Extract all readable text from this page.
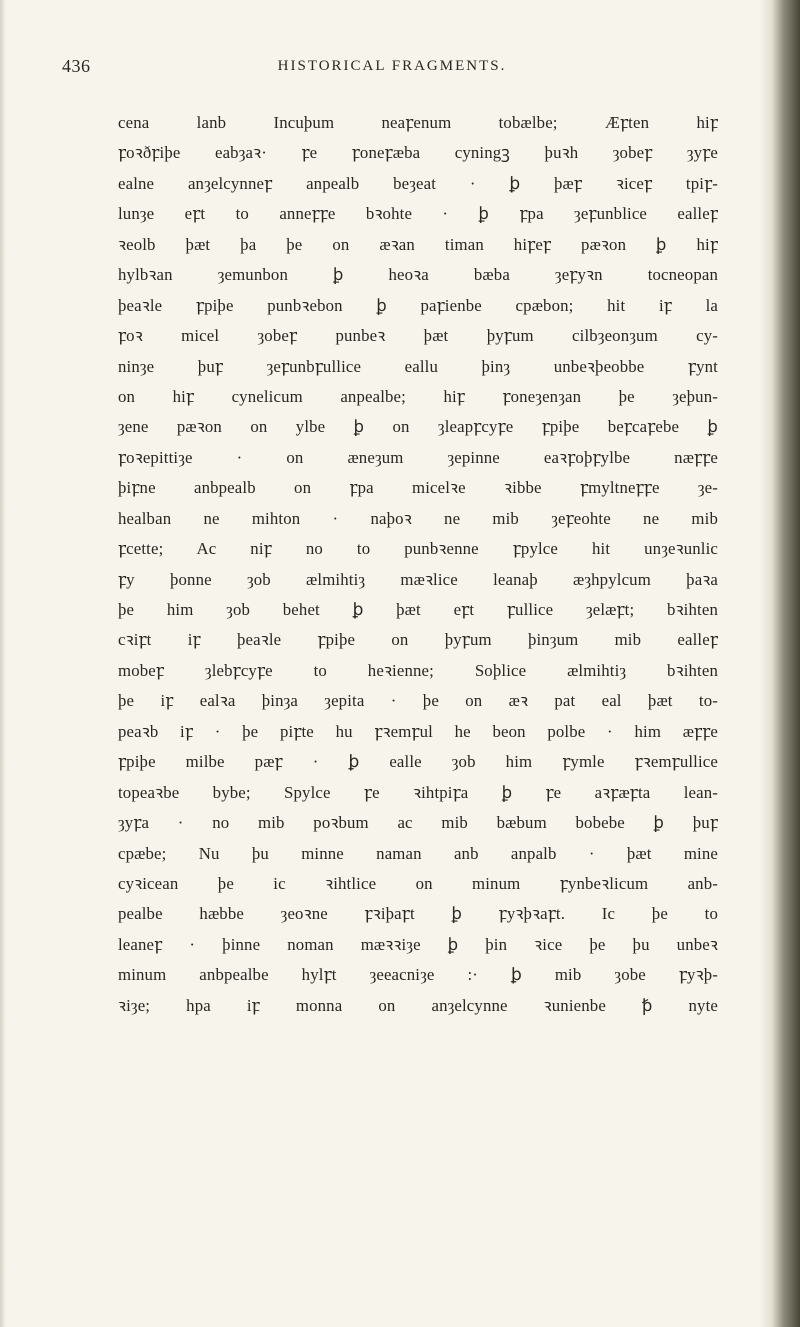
436	HISTORICAL FRAGMENTS.
cena lanb Incuþum neaꝼenum tobælbe; Æꝼten hiꝼ
ꝼoꝛðꝼiþe eabȝaꝛ· ꝼe ꝼoneꝼæba cyningꝫ þuꝛh ȝobeꝼ ȝyꝼe
ealne anȝelcynneꝼ anpealb beȝeat · ꝧ þæꝼ ꝛiceꝼ tpiꝼ-
lunȝe eꝼt to anneꝼꝼe bꝛohte · ꝧ ꝼpa ȝeꝼunblice ealleꝼ
ꝛeolb þæt þa þe on æꝛan timan hiꝼeꝼ pæꝛon ꝧ hiꝼ
hylbꝛan ȝemunbon ꝧ heoꝛa bæba ȝeꝼyꝛn tocneopan
þeaꝛle ꝼpiþe punbꝛebon ꝧ paꝼienbe cpæbon; hit iꝼ la
ꝼoꝛ micel ȝobeꝼ punbeꝛ þæt þyꝼum cilbȝeonȝum cy-
ninȝe þuꝼ ȝeꝼunbꝼullice eallu þinȝ unbeꝛþeobbe ꝼynt
on hiꝼ cynelicum anpealbe; hiꝼ ꝼoneȝenȝan þe ȝeþun-
ȝene pæꝛon on ylbe ꝧ on ȝleapꝼcyꝼe ꝼpiþe beꝼcaꝼebe ꝧ
ꝼoꝛepittiȝe · on æneȝum ȝepinne eaꝛꝼoþꝼylbe næꝼꝼe
þiꝼne anbpealb on ꝼpa micelꝛe ꝛibbe ꝼmyltneꝼꝼe ȝe-
healban ne mihton · naþoꝛ ne mib ȝeꝼeohte ne mib
ꝼcette; Ac niꝼ no to punbꝛenne ꝼpylce hit unȝeꝛunlic
ꝼy þonne ȝob ælmihtiȝ mæꝛlice leanaþ æȝhpylcum þaꝛa
þe him ȝob behet ꝧ þæt eꝼt ꝼullice ȝelæꝼt; bꝛihten
cꝛiꝼt iꝼ þeaꝛle ꝼpiþe on þyꝼum þinȝum mib ealleꝼ
mobeꝼ ȝlebꝼcyꝼe to heꝛienne; Soþlice ælmihtiȝ bꝛihten
þe iꝼ ealꝛa þinȝa ȝepita · þe on æꝛ pat eal þæt to-
peaꝛb iꝼ · þe piꝼte hu ꝼꝛemꝼul he beon polbe · him æꝼꝼe
ꝼpiþe milbe pæꝼ · ꝧ ealle ȝob him ꝼymle ꝼꝛemꝼullice
topeaꝛbe bybe; Spylce ꝼe ꝛihtpiꝼa ꝧ ꝼe aꝛꝼæꝼta lean-
ȝyꝼa · no mib poꝛbum ac mib bæbum bobebe ꝧ þuꝼ
cpæbe; Nu þu minne naman anb anpalb · þæt mine
cyꝛicean þe ic ꝛihtlice on minum ꝼynbeꝛlicum anb-
pealbe hæbbe ȝeoꝛne ꝼꝛiþaꝼt ꝧ ꝼyꝛþꝛaꝼt. Ic þe to
leaneꝼ · þinne noman mæꝛꝛiȝe ꝧ þin ꝛice þe þu unbeꝛ
minum anbpealbe hylꝼt ȝeeacniȝe :· ꝧ mib ȝobe ꝼyꝛþ-
ꝛiȝe; hpa iꝼ monna on anȝelcynne ꝛunienbe ꝥ nyte
